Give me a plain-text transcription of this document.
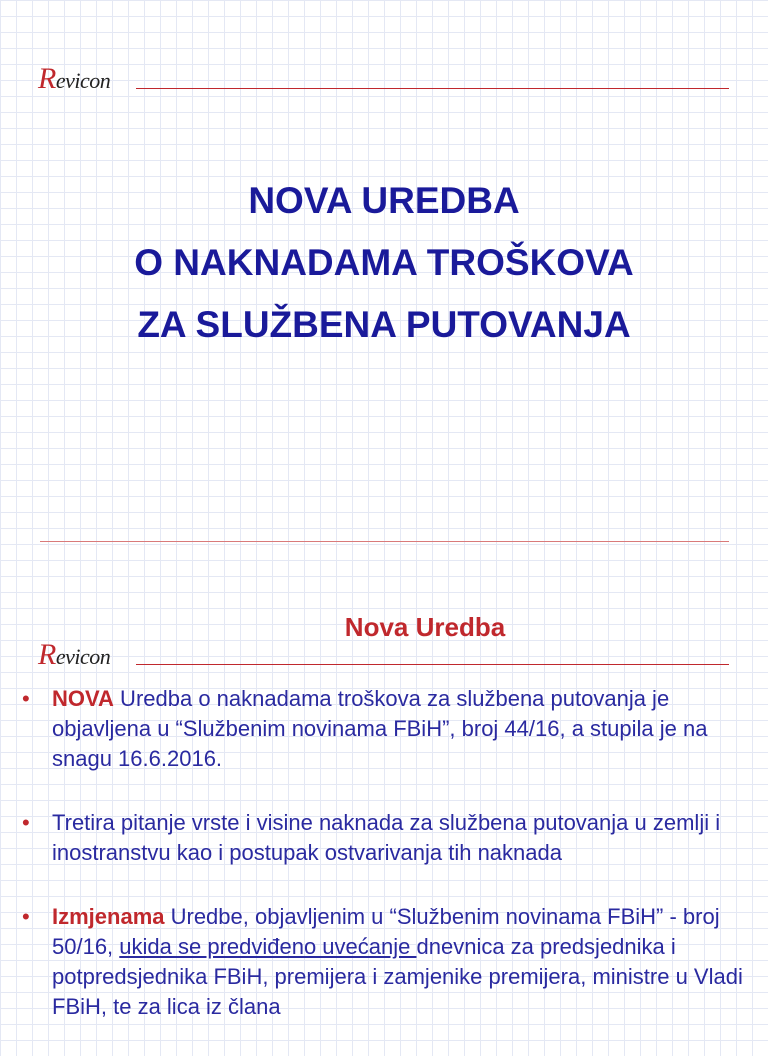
Revicon
NOVA UREDBA
O NAKNADAMA TROŠKOVA
ZA SLUŽBENA PUTOVANJA
Nova Uredba
Revicon
• NOVA Uredba o naknadama troškova za službena putovanja je objavljena u “Službenim novinama FBiH”, broj 44/16, a stupila je na snagu 16.6.2016.
• Tretira pitanje vrste i visine naknada za službena putovanja u zemlji i inostranstvu kao i postupak ostvarivanja tih naknada
• Izmjenama Uredbe, objavljenim u “Službenim novinama FBiH” - broj 50/16, ukida se predviđeno uvećanje dnevnica za predsjednika i potpredsjednika FBiH, premijera i zamjenike premijera, ministre u Vladi FBiH, te za lica iz člana
